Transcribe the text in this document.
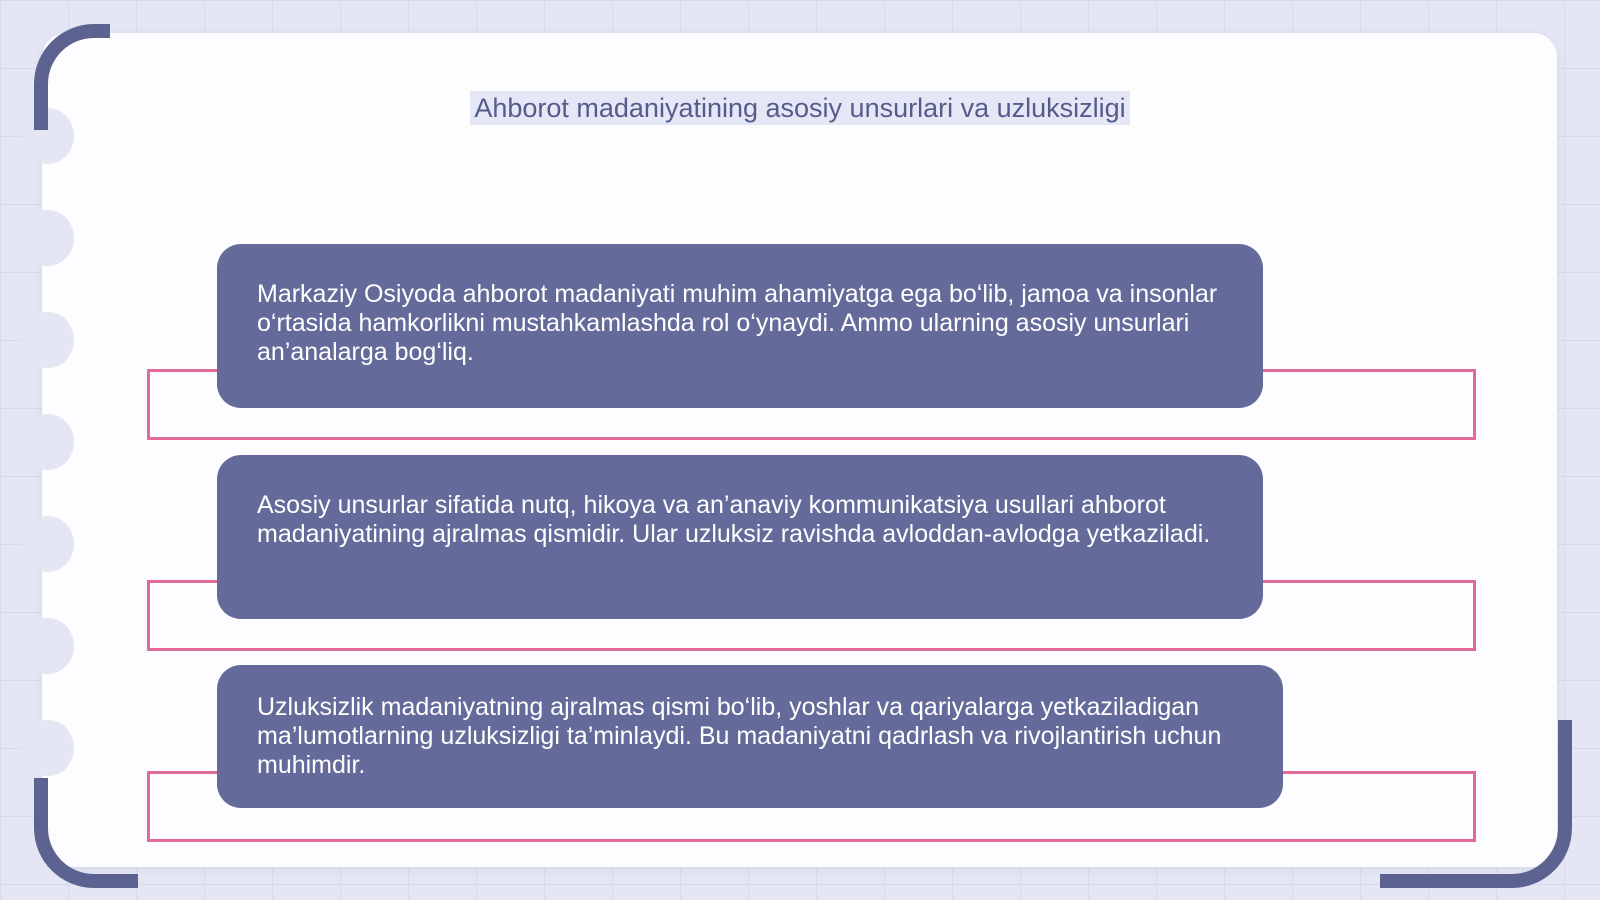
Ahborot madaniyatining asosiy unsurlari va uzluksizligi

Markaziy Osiyoda ahborot madaniyati muhim ahamiyatga ega bo‘lib, jamoa va insonlar o‘rtasida hamkorlikni mustahkamlashda rol o‘ynaydi. Ammo ularning asosiy unsurlari an’analarga bog‘liq.

Asosiy unsurlar sifatida nutq, hikoya va an’anaviy kommunikatsiya usullari ahborot madaniyatining ajralmas qismidir. Ular uzluksiz ravishda avloddan-avlodga yetkaziladi.

Uzluksizlik madaniyatning ajralmas qismi bo‘lib, yoshlar va qariyalarga yetkaziladigan ma’lumotlarning uzluksizligi ta’minlaydi. Bu madaniyatni qadrlash va rivojlantirish uchun muhimdir.
